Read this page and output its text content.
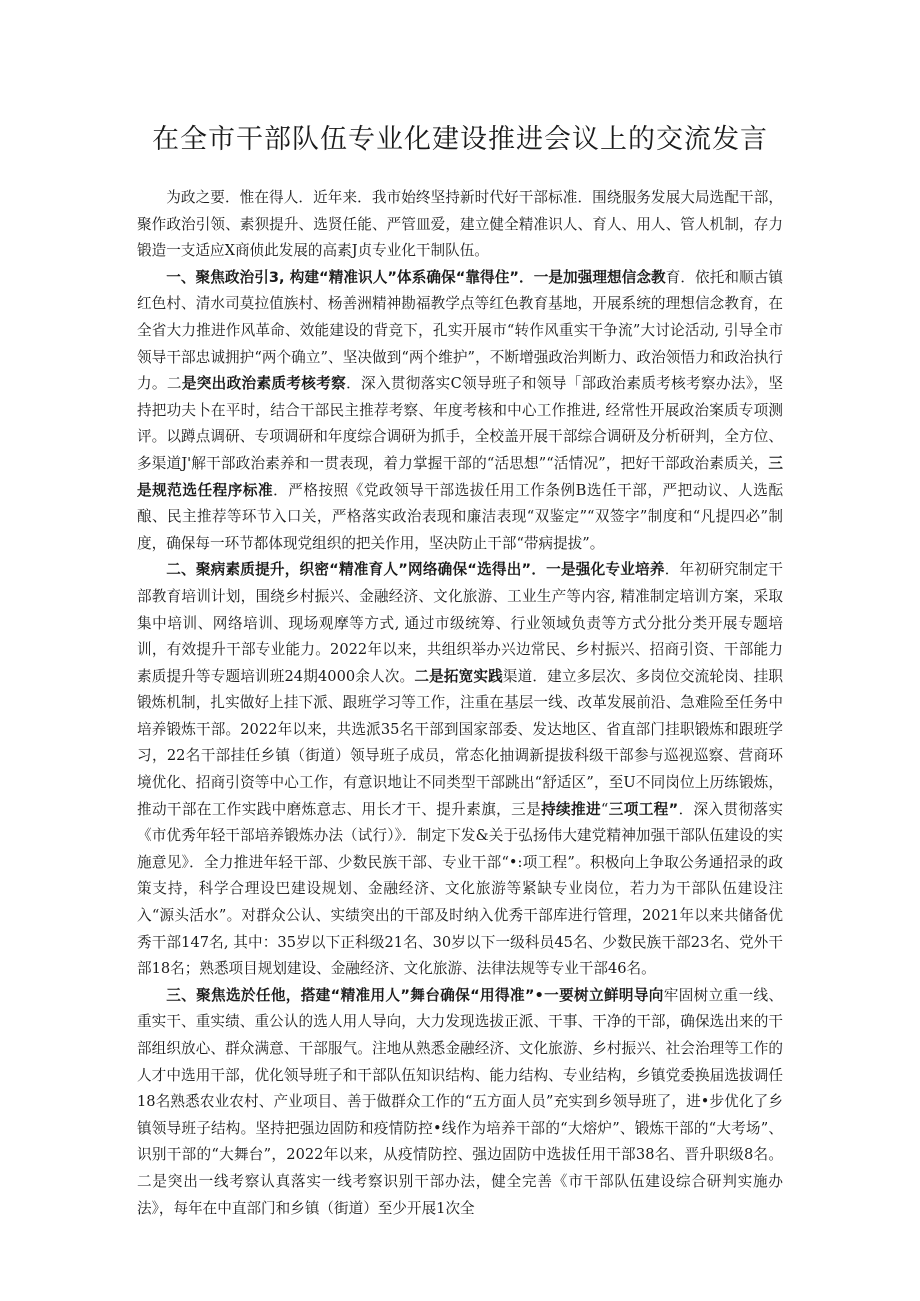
在全市干部队伍专业化建设推进会议上的交流发言

为政之要．惟在得人．近年来．我市始终坚持新时代好干部标准．围绕服务发展大局选配干部，聚作政治引领、素狈提升、选贤任能、严管皿爱，建立健全精准识人、育人、用人、管人机制，存力锻造一支适应X商侦此发展的高素J贞专业化干制队伍。

一、聚焦政治引3, 构建“精准识人”体系确保“靠得住”．一是加强理想信念教育．依托和顺古镇红色村、清水司莫拉值族村、杨善洲精神勘福教学点等红色教育基地，开展系统的理想信念教育，在全省大力推进作风革命、效能建设的背竞下，孔实开展市“转作风重实干争流”大讨论活动, 引导全市领导干部忠诚拥护“两个确立”、坚决做到“两个维护”，不断增强政治判断力、政治领悟力和政治执行力。二是突出政治素质考核考察．深入贯彻落实C领导班子和领导「部政治素质考核考察办法》，坚持把功夫卜在平时，结合干部民主推荐考察、年度考核和中心工作推进, 经常性开展政治案质专项测评。以蹲点调研、专项调研和年度综合调研为抓手，全校盖开展干部综合调研及分析研判，全方位、多渠道J'解干部政治素养和一贯表现，着力掌握干部的“活思想”“活情况”，把好干部政治素质关，三是规范选任程序标准．严格按照《党政领导干部选拔任用工作条例B选任干部，严把动议、人选酝酿、民主推荐等环节入口关，严格落实政治表现和廉洁表现“双鉴定”“双签字”制度和“凡提四必”制度，确保每一环节都体现党组织的把关作用，坚决防止干部“带病提拔”。

二、聚病素质提升，织密“精准育人”网络确保“选得出”．一是强化专业培养．年初研究制定干部教育培训计划，围绕乡村振兴、金融经济、文化旅游、工业生产等内容, 精准制定培训方案，采取集中培训、网络培训、现场观摩等方式, 通过市级统筹、行业领域负责等方式分批分类开展专题培训，有效提升干部专业能力。2022年以来，共组织举办兴边常民、乡村振兴、招商引资、干部能力素质提升等专题培训班24期4000余人次。二是拓宽实践渠道．建立多层次、多岗位交流轮岗、挂职锻炼机制，扎实做好上挂下派、跟班学习等工作，注重在基层一线、改革发展前沿、急难险至任务中培养锻炼干部。2022年以来，共选派35名干部到国家部委、发达地区、省直部门挂职锻炼和跟班学习，22名干部挂任乡镇（街道）领导班子成员，常态化抽调新提拔科级干部参与巡视巡察、营商环境优化、招商引资等中心工作，有意识地让不同类型干部跳出“舒适区”，至U不同岗位上历练锻炼，推动干部在工作实践中磨炼意志、用长才干、提升素旗，三是持续推进“三项工程”．深入贯彻落实《市优秀年轻干部培养锻炼办法（试行）》．制定下发&关于弘扬伟大建党精神加强干部队伍建设的实施意见》．全力推进年轻干部、少数民族干部、专业干部“•:项工程”。积极向上争取公务通招录的政策支持，科学合理设巴建设规划、金融经济、文化旅游等紧缺专业岗位，若力为干部队伍建设注入“源头活水”。对群众公认、实绩突出的干部及时纳入优秀干部库进行管理，2021年以来共储备优秀干部147名, 其中：35岁以下正科级21名、30岁以下一级科员45名、少数民族干部23名、党外干部18名；熟悉项目规划建设、金融经济、文化旅游、法律法规等专业干部46名。

三、聚焦选於任他，搭建“精准用人”舞台确保“用得准”•一要树立鲜明导向牢固树立重一线、重实干、重实绩、重公认的选人用人导向，大力发现选拔正派、干事、干净的干部，确保选出来的干部组织放心、群众满意、干部服气。注地从熟悉金融经济、文化旅游、乡村振兴、社会治理等工作的人才中选用干部，优化领导班子和干部队伍知识结构、能力结构、专业结构，乡镇党委换届选拔调任18名熟悉农业农村、产业项目、善于做群众工作的“五方面人员”充实到乡领导班了，进•步优化了乡镇领导班子结构。坚持把强边固防和疫情防控•线作为培养干部的“大熔炉”、锻炼干部的“大考场”、识别干部的“大舞台”，2022年以来，从疫情防控、强边固防中选拔任用干部38名、晋升职级8名。二是突出一线考察认真落实一线考察识别干部办法，健全完善《市干部队伍建设综合研判实施办法》，每年在中直部门和乡镇（街道）至少开展1次全
